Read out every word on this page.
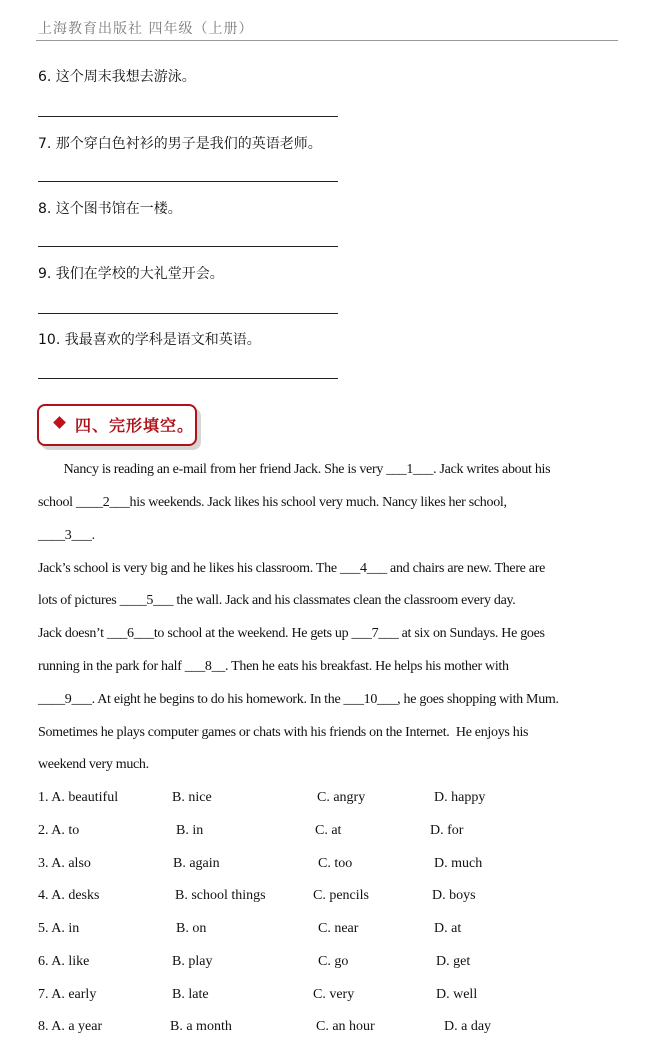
上海教育出版社 四年级（上册）
6. 这个周末我想去游泳。
7. 那个穿白色衬衫的男子是我们的英语老师。
8. 这个图书馆在一楼。
9. 我们在学校的大礼堂开会。
10. 我最喜欢的学科是语文和英语。
四、完形填空。
Nancy is reading an e-mail from her friend Jack. She is very ___1___. Jack writes about his
school ____2___his weekends. Jack likes his school very much. Nancy likes her school,
____3___.
Jack’s school is very big and he likes his classroom. The ___4___ and chairs are new. There are
lots of pictures ____5___ the wall. Jack and his classmates clean the classroom every day.
Jack doesn’t ___6___to school at the weekend. He gets up ___7___ at six on Sundays. He goes
running in the park for half ___8__. Then he eats his breakfast. He helps his mother with
____9___. At eight he begins to do his homework. In the ___10___, he goes shopping with Mum.
Sometimes he plays computer games or chats with his friends on the Internet.  He enjoys his
weekend very much.
1. A. beautiful	B. nice	C. angry	D. happy
2. A. to	B. in	C. at	D. for
3. A. also	B. again	C. too	D. much
4. A. desks	B. school things	C. pencils	D. boys
5. A. in	B. on	C. near	D. at
6. A. like	B. play	C. go	D. get
7. A. early	B. late	C. very	D. well
8. A. a year	B. a month	C. an hour	D. a day
